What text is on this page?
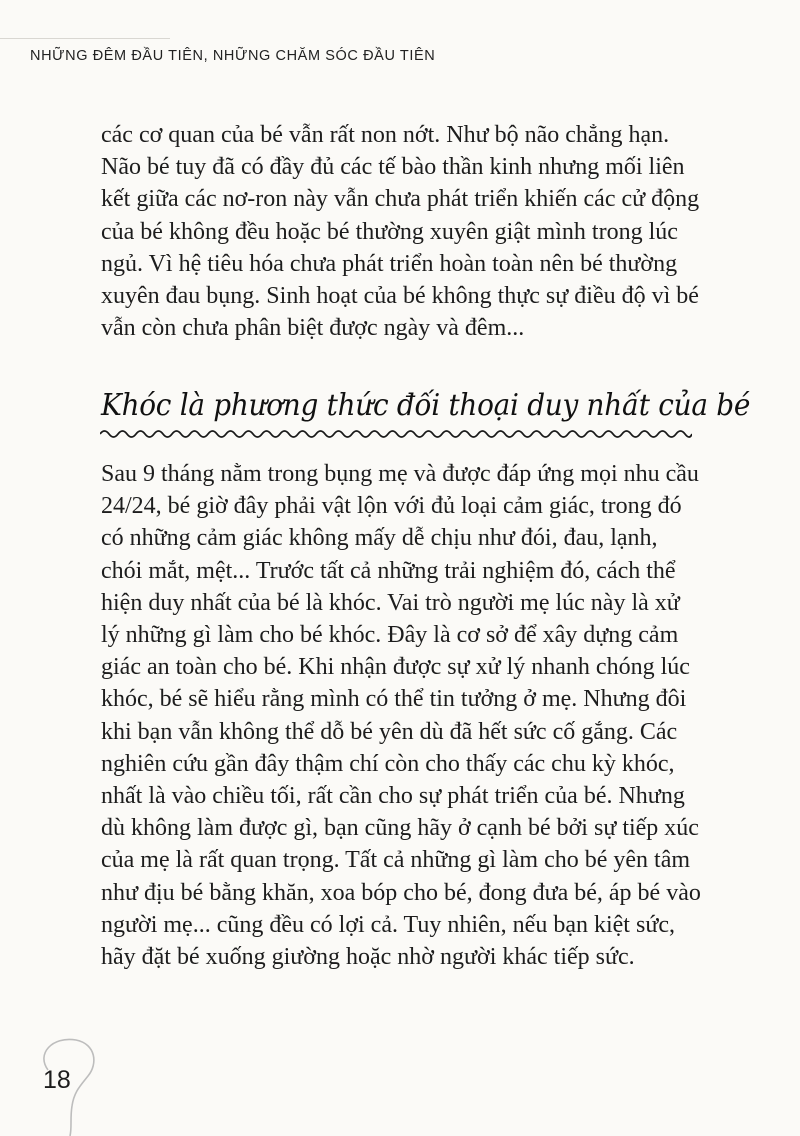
NHỮNG ĐÊM ĐẦU TIÊN, NHỮNG CHĂM SÓC ĐẦU TIÊN

các cơ quan của bé vẫn rất non nớt. Như bộ não chẳng hạn. Não bé tuy đã có đầy đủ các tế bào thần kinh nhưng mối liên kết giữa các nơ-ron này vẫn chưa phát triển khiến các cử động của bé không đều hoặc bé thường xuyên giật mình trong lúc ngủ. Vì hệ tiêu hóa chưa phát triển hoàn toàn nên bé thường xuyên đau bụng. Sinh hoạt của bé không thực sự điều độ vì bé vẫn còn chưa phân biệt được ngày và đêm...

Khóc là phương thức đối thoại duy nhất của bé

Sau 9 tháng nằm trong bụng mẹ và được đáp ứng mọi nhu cầu 24/24, bé giờ đây phải vật lộn với đủ loại cảm giác, trong đó có những cảm giác không mấy dễ chịu như đói, đau, lạnh, chói mắt, mệt... Trước tất cả những trải nghiệm đó, cách thể hiện duy nhất của bé là khóc. Vai trò người mẹ lúc này là xử lý những gì làm cho bé khóc. Đây là cơ sở để xây dựng cảm giác an toàn cho bé. Khi nhận được sự xử lý nhanh chóng lúc khóc, bé sẽ hiểu rằng mình có thể tin tưởng ở mẹ. Nhưng đôi khi bạn vẫn không thể dỗ bé yên dù đã hết sức cố gắng. Các nghiên cứu gần đây thậm chí còn cho thấy các chu kỳ khóc, nhất là vào chiều tối, rất cần cho sự phát triển của bé. Nhưng dù không làm được gì, bạn cũng hãy ở cạnh bé bởi sự tiếp xúc của mẹ là rất quan trọng. Tất cả những gì làm cho bé yên tâm như địu bé bằng khăn, xoa bóp cho bé, đong đưa bé, áp bé vào người mẹ... cũng đều có lợi cả. Tuy nhiên, nếu bạn kiệt sức, hãy đặt bé xuống giường hoặc nhờ người khác tiếp sức.

18
